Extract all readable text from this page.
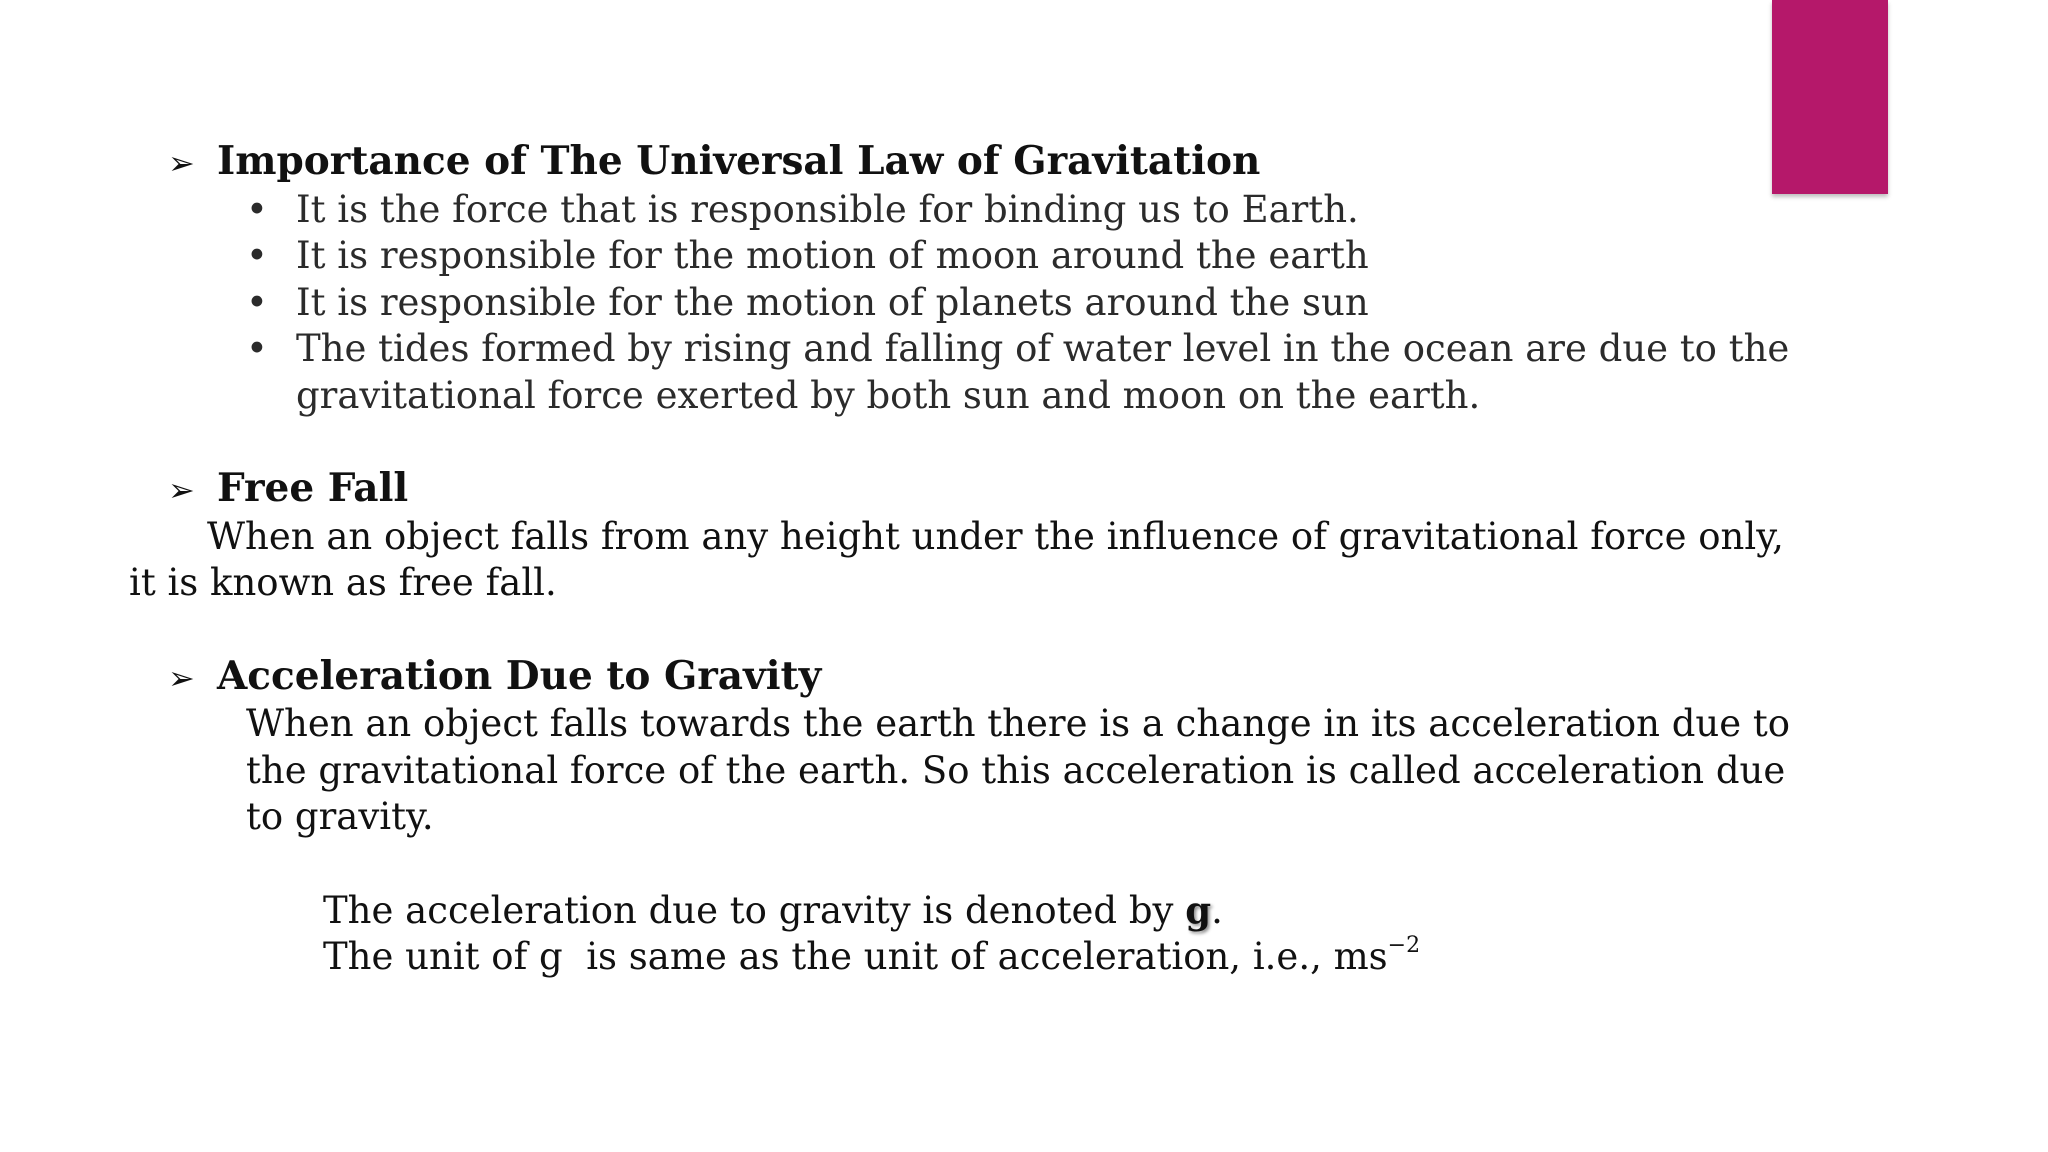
➢ Importance of The Universal Law of Gravitation
• It is the force that is responsible for binding us to Earth.
• It is responsible for the motion of moon around the earth
• It is responsible for the motion of planets around the sun
• The tides formed by rising and falling of water level in the ocean are due to the gravitational force exerted by both sun and moon on the earth.
➢ Free Fall
When an object falls from any height under the influence of gravitational force only, it is known as free fall.
➢ Acceleration Due to Gravity
When an object falls towards the earth there is a change in its acceleration due to the gravitational force of the earth. So this acceleration is called acceleration due to gravity.
The acceleration due to gravity is denoted by g.
The unit of g  is same as the unit of acceleration, i.e., $ms^{-2}$
